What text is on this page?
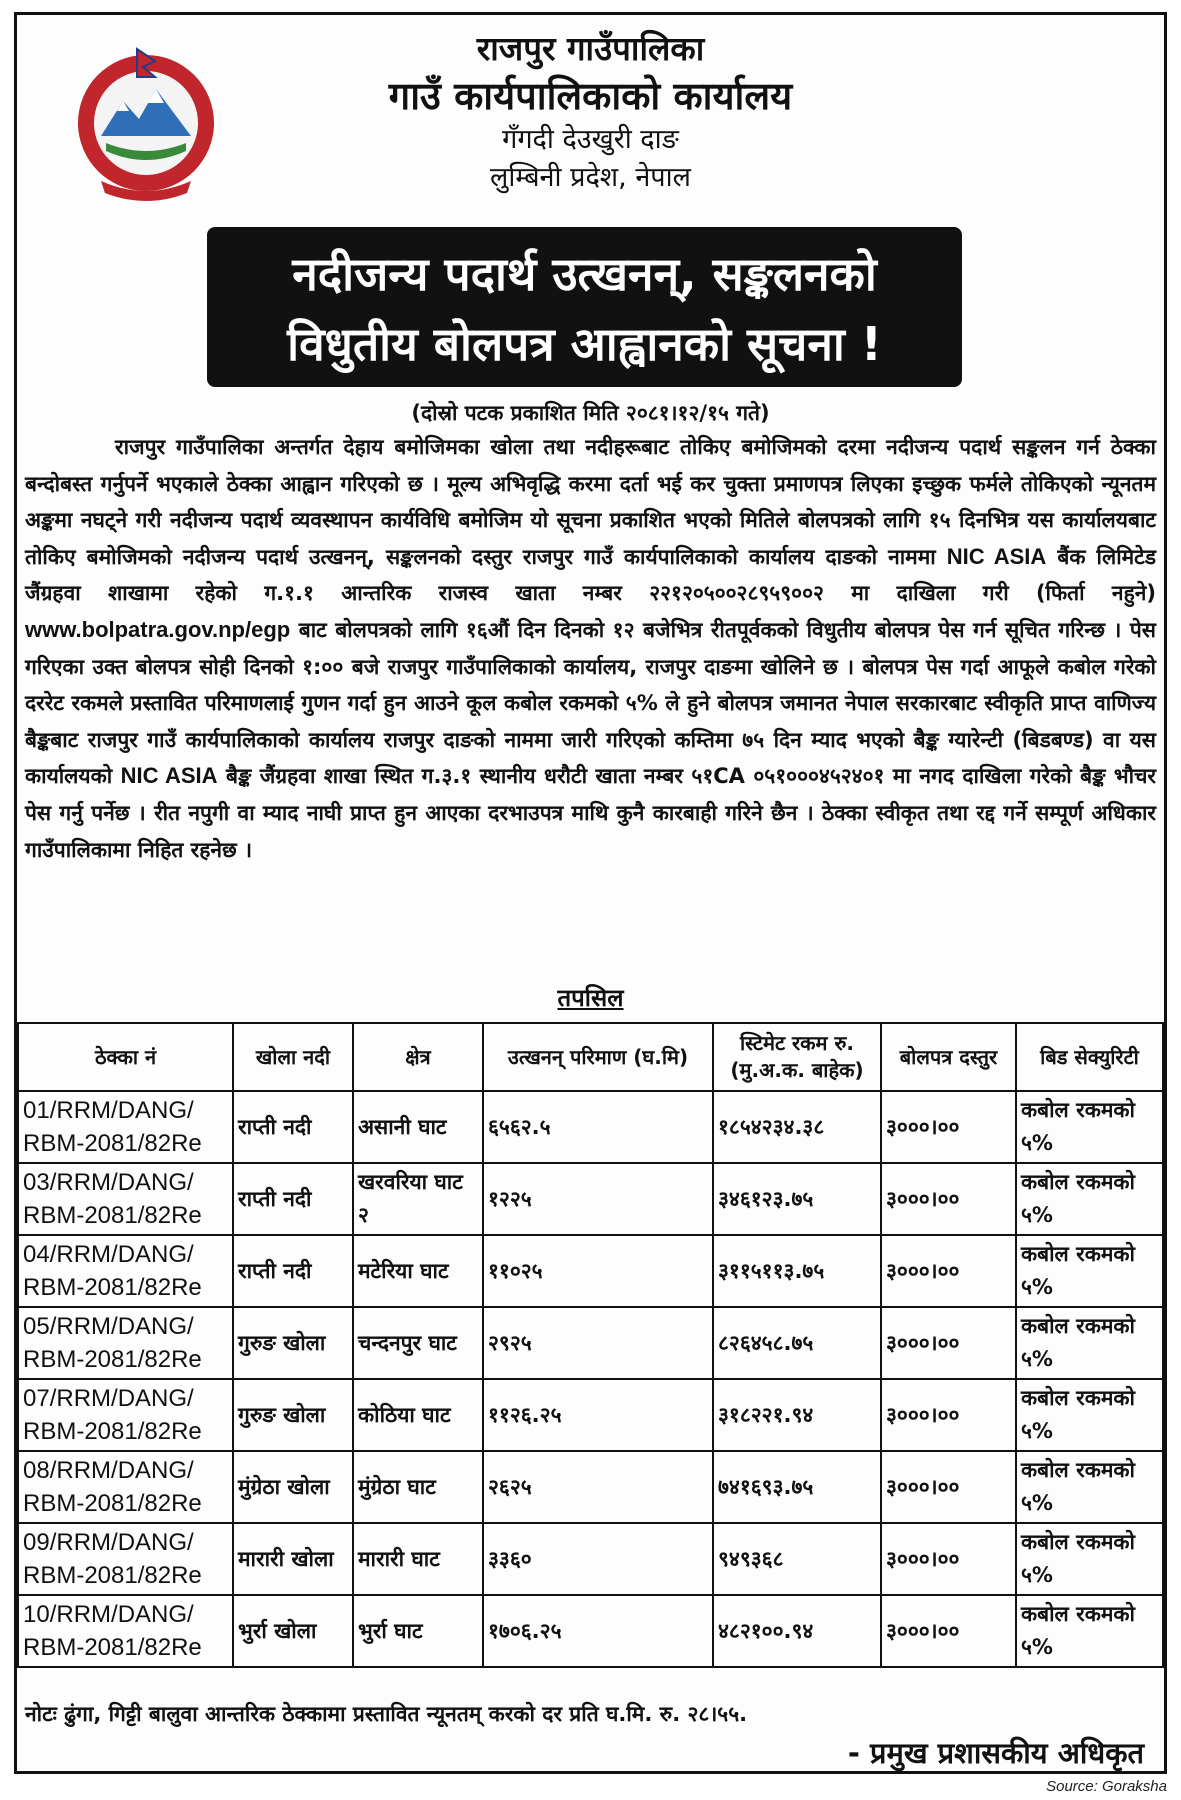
राजपुर गाउँपालिका
गाउँ कार्यपालिकाको कार्यालय
गँगदी देउखुरी दाङ
लुम्बिनी प्रदेश, नेपाल
नदीजन्य पदार्थ उत्खनन्, सङ्कलनको
विधुतीय बोलपत्र आह्वानको सूचना !
(दोस्रो पटक प्रकाशित मिति २०८१।१२/१५ गते)
राजपुर गाउँपालिका अन्तर्गत देहाय बमोजिमका खोला तथा नदीहरूबाट तोकिए बमोजिमको दरमा नदीजन्य पदार्थ सङ्कलन गर्न ठेक्का बन्दोबस्त गर्नुपर्ने भएकाले ठेक्का आह्वान गरिएको छ । मूल्य अभिवृद्धि करमा दर्ता भई कर चुक्ता प्रमाणपत्र लिएका इच्छुक फर्मले तोकिएको न्यूनतम अङ्कमा नघट्ने गरी नदीजन्य पदार्थ व्यवस्थापन कार्यविधि बमोजिम यो सूचना प्रकाशित भएको मितिले बोलपत्रको लागि १५ दिनभित्र यस कार्यालयबाट तोकिए बमोजिमको नदीजन्य पदार्थ उत्खनन्, सङ्कलनको दस्तुर राजपुर गाउँ कार्यपालिकाको कार्यालय दाङको नाममा NIC ASIA बैंक लिमिटेड जैंग्रहवा शाखामा रहेको ग.१.१ आन्तरिक राजस्व खाता नम्बर २२१२०५००२८९५९००२ मा दाखिला गरी (फिर्ता नहुने) www.bolpatra.gov.np/egp बाट बोलपत्रको लागि १६औं दिन दिनको १२ बजेभित्र रीतपूर्वकको विधुतीय बोलपत्र पेस गर्न सूचित गरिन्छ । पेस गरिएका उक्त बोलपत्र सोही दिनको १:०० बजे राजपुर गाउँपालिकाको कार्यालय, राजपुर दाङमा खोलिने छ । बोलपत्र पेस गर्दा आफूले कबोल गरेको दररेट रकमले प्रस्तावित परिमाणलाई गुणन गर्दा हुन आउने कूल कबोल रकमको ५% ले हुने बोलपत्र जमानत नेपाल सरकारबाट स्वीकृति प्राप्त वाणिज्य बैङ्कबाट राजपुर गाउँ कार्यपालिकाको कार्यालय राजपुर दाङको नाममा जारी गरिएको कम्तिमा ७५ दिन म्याद भएको बैङ्क ग्यारेन्टी (बिडबण्ड) वा यस कार्यालयको NIC ASIA बैङ्क जैंग्रहवा शाखा स्थित ग.३.१ स्थानीय धरौटी खाता नम्बर ५१CA ०५१०००४५२४०१ मा नगद दाखिला गरेको बैङ्क भौचर पेस गर्नु पर्नेछ । रीत नपुगी वा म्याद नाघी प्राप्त हुन आएका दरभाउपत्र माथि कुनै कारबाही गरिने छैन । ठेक्का स्वीकृत तथा रद्द गर्ने सम्पूर्ण अधिकार गाउँपालिकामा निहित रहनेछ ।
तपसिल
ठेक्का नं	खोला नदी	क्षेत्र	उत्खनन् परिमाण (घ.मि)	स्टिमेट रकम रु. (मु.अ.क. बाहेक)	बोलपत्र दस्तुर	बिड सेक्युरिटी
01/RRM/DANG/ RBM-2081/82Re	राप्ती नदी	असानी घाट	६५६२.५	१८५४२३४.३८	३०००।००	कबोल रकमको ५%
03/RRM/DANG/ RBM-2081/82Re	राप्ती नदी	खरवरिया घाट २	१२२५	३४६१२३.७५	३०००।००	कबोल रकमको ५%
04/RRM/DANG/ RBM-2081/82Re	राप्ती नदी	मटेरिया घाट	११०२५	३११५११३.७५	३०००।००	कबोल रकमको ५%
05/RRM/DANG/ RBM-2081/82Re	गुरुङ खोला	चन्दनपुर घाट	२९२५	८२६४५८.७५	३०००।००	कबोल रकमको ५%
07/RRM/DANG/ RBM-2081/82Re	गुरुङ खोला	कोठिया घाट	११२६.२५	३१८२२१.९४	३०००।००	कबोल रकमको ५%
08/RRM/DANG/ RBM-2081/82Re	मुंग्रेठा खोला	मुंग्रेठा घाट	२६२५	७४१६९३.७५	३०००।००	कबोल रकमको ५%
09/RRM/DANG/ RBM-2081/82Re	मारारी खोला	मारारी घाट	३३६०	९४९३६८	३०००।००	कबोल रकमको ५%
10/RRM/DANG/ RBM-2081/82Re	भुर्रा खोला	भुर्रा घाट	१७०६.२५	४८२१००.९४	३०००।००	कबोल रकमको ५%
नोटः ढुंगा, गिट्टी बालुवा आन्तरिक ठेक्कामा प्रस्तावित न्यूनतम् करको दर प्रति घ.मि. रु. २८।५५.
- प्रमुख प्रशासकीय अधिकृत
Source: Goraksha
